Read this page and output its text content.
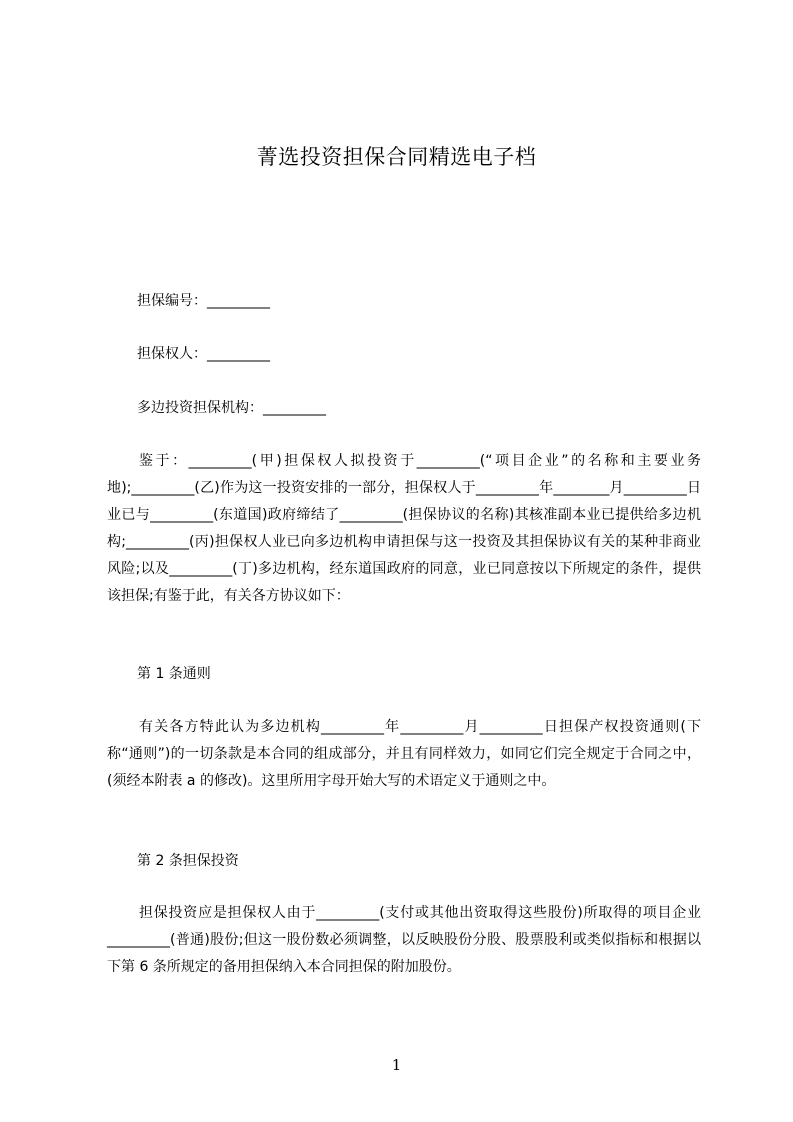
菁选投资担保合同精选电子档
担保编号：_________
担保权人：_________
多边投资担保机构：_________

鉴于：_________(甲)担保权人拟投资于_________(“项目企业”的名称和主要业务地);_________(乙)作为这一投资安排的一部分，担保权人于_________年________月_________日业已与_________(东道国)政府缔结了_________(担保协议的名称)其核准副本业已提供给多边机构;_________(丙)担保权人业已向多边机构申请担保与这一投资及其担保协议有关的某种非商业风险;以及_________(丁)多边机构，经东道国政府的同意，业已同意按以下所规定的条件，提供该担保;有鉴于此，有关各方协议如下：

第 1 条通则

有关各方特此认为多边机构_________年_________月_________日担保产权投资通则(下称“通则”)的一切条款是本合同的组成部分，并且有同样效力，如同它们完全规定于合同之中，(须经本附表 a 的修改)。这里所用字母开始大写的术语定义于通则之中。

第 2 条担保投资

担保投资应是担保权人由于_________(支付或其他出资取得这些股份)所取得的项目企业_________(普通)股份;但这一股份数必须调整，以反映股份分股、股票股利或类似指标和根据以下第 6 条所规定的备用担保纳入本合同担保的附加股份。

1
